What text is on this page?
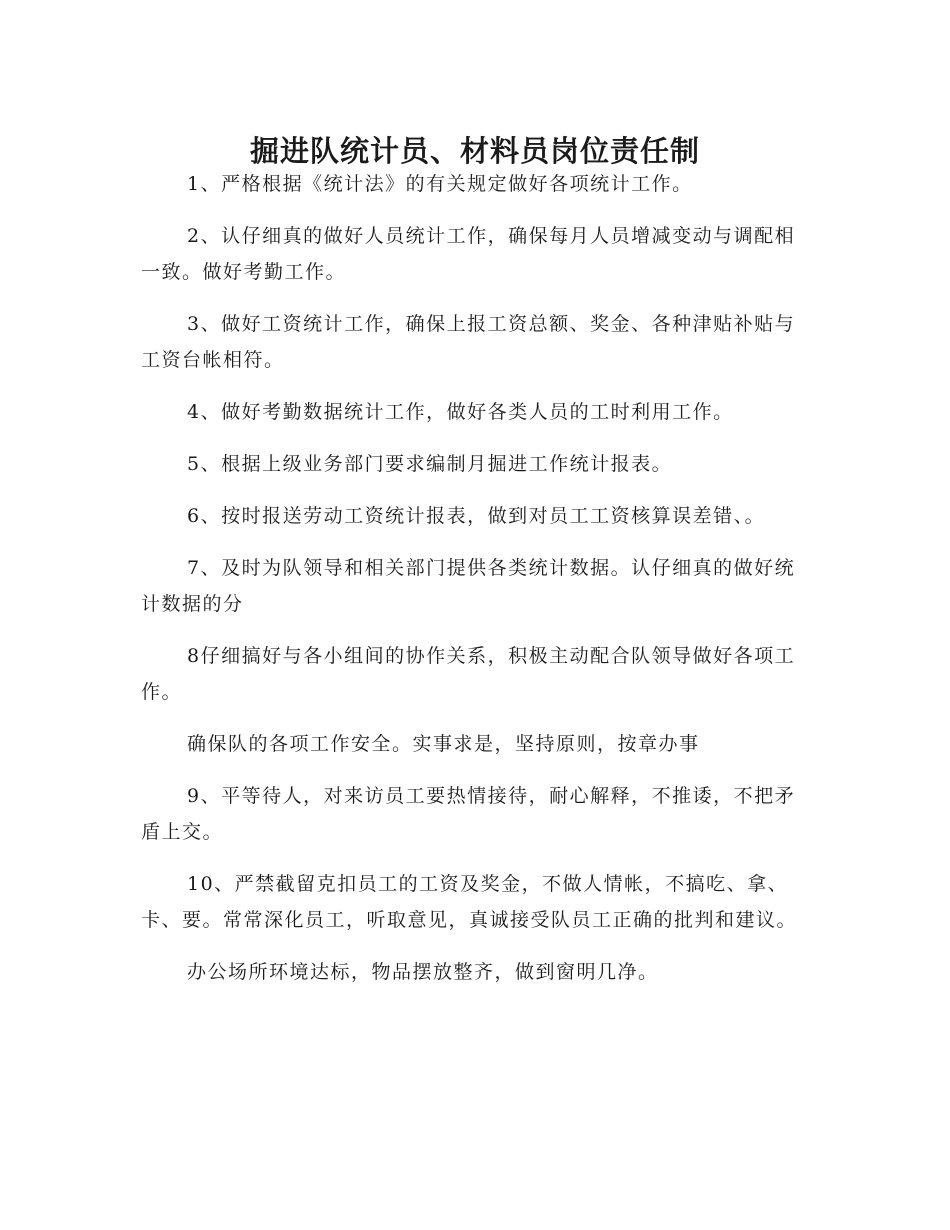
掘进队统计员、材料员岗位责任制

1、严格根据《统计法》的有关规定做好各项统计工作。

2、认仔细真的做好人员统计工作，确保每月人员增减变动与调配相一致。做好考勤工作。

3、做好工资统计工作，确保上报工资总额、奖金、各种津贴补贴与工资台帐相符。

4、做好考勤数据统计工作，做好各类人员的工时利用工作。

5、根据上级业务部门要求编制月掘进工作统计报表。

6、按时报送劳动工资统计报表，做到对员工工资核算误差错、。

7、及时为队领导和相关部门提供各类统计数据。认仔细真的做好统计数据的分

8仔细搞好与各小组间的协作关系，积极主动配合队领导做好各项工作。

确保队的各项工作安全。实事求是，坚持原则，按章办事

9、平等待人，对来访员工要热情接待，耐心解释，不推诿，不把矛盾上交。

10、严禁截留克扣员工的工资及奖金，不做人情帐，不搞吃、拿、卡、要。常常深化员工，听取意见，真诚接受队员工正确的批判和建议。

办公场所环境达标，物品摆放整齐，做到窗明几净。
